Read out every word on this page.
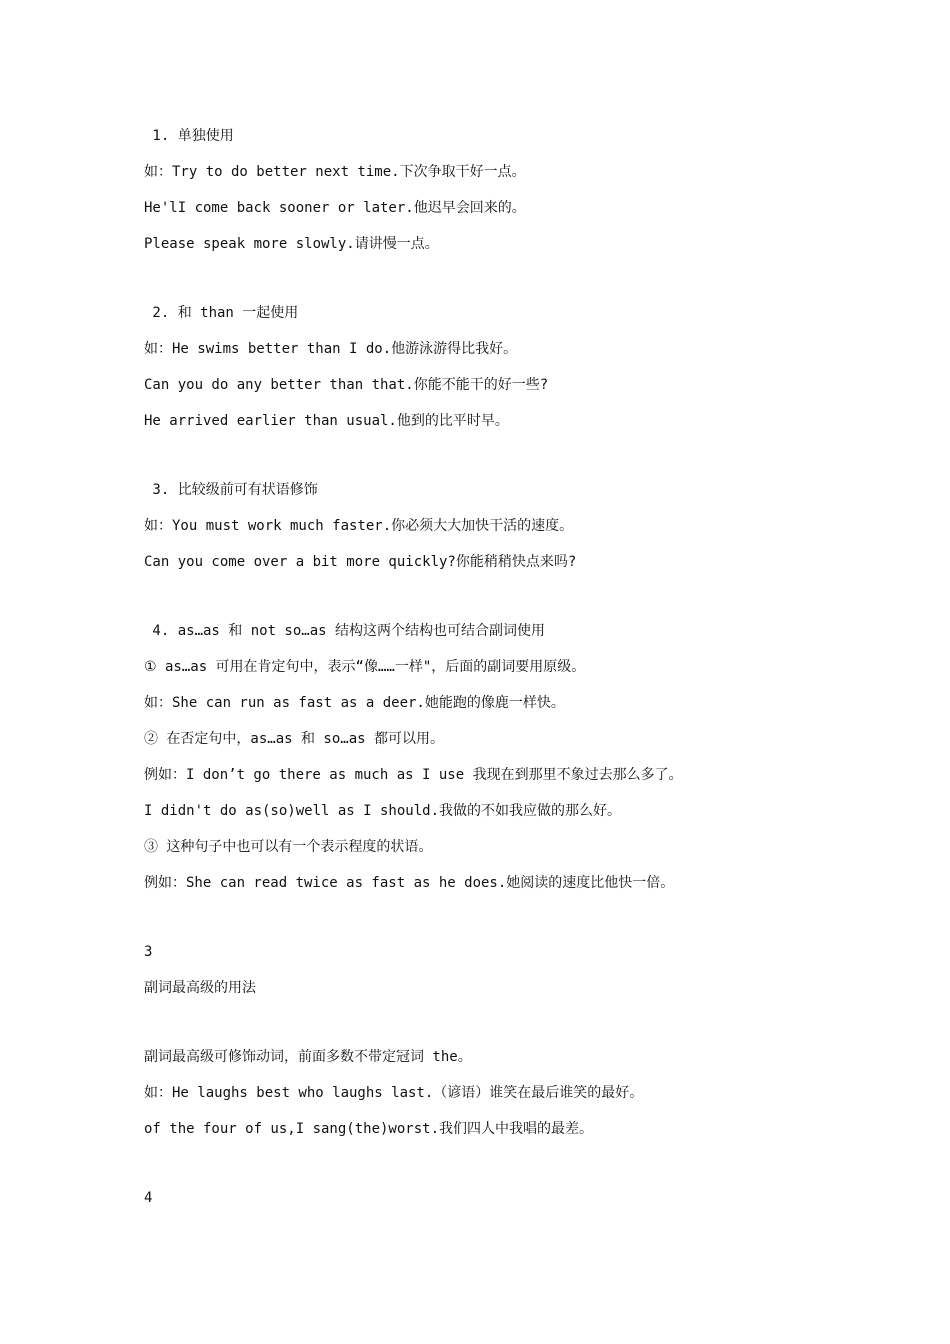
1. 单独使用
如：Try to do better next time.下次争取干好一点。
He'lI come back sooner or later.他迟早会回来的。
Please speak more slowly.请讲慢一点。
2. 和 than 一起使用
如：He swims better than I do.他游泳游得比我好。
Can you do any better than that.你能不能干的好一些?
He arrived earlier than usual.他到的比平时早。
3. 比较级前可有状语修饰
如：You must work much faster.你必须大大加快干活的速度。
Can you come over a bit more quickly?你能稍稍快点来吗?
4. as…as 和 not so…as 结构这两个结构也可结合副词使用
① as…as 可用在肯定句中，表示“像……一样"，后面的副词要用原级。
如：She can run as fast as a deer.她能跑的像鹿一样快。
② 在否定句中，as…as 和 so…as 都可以用。
例如：I don’t go there as much as I use 我现在到那里不象过去那么多了。
I didn't do as(so)well as I should.我做的不如我应做的那么好。
③ 这种句子中也可以有一个表示程度的状语。
例如：She can read twice as fast as he does.她阅读的速度比他快一倍。
3
副词最高级的用法
副词最高级可修饰动词，前面多数不带定冠词 the。
如：He laughs best who laughs last.（谚语）谁笑在最后谁笑的最好。
of the four of us,I sang(the)worst.我们四人中我唱的最差。
4
